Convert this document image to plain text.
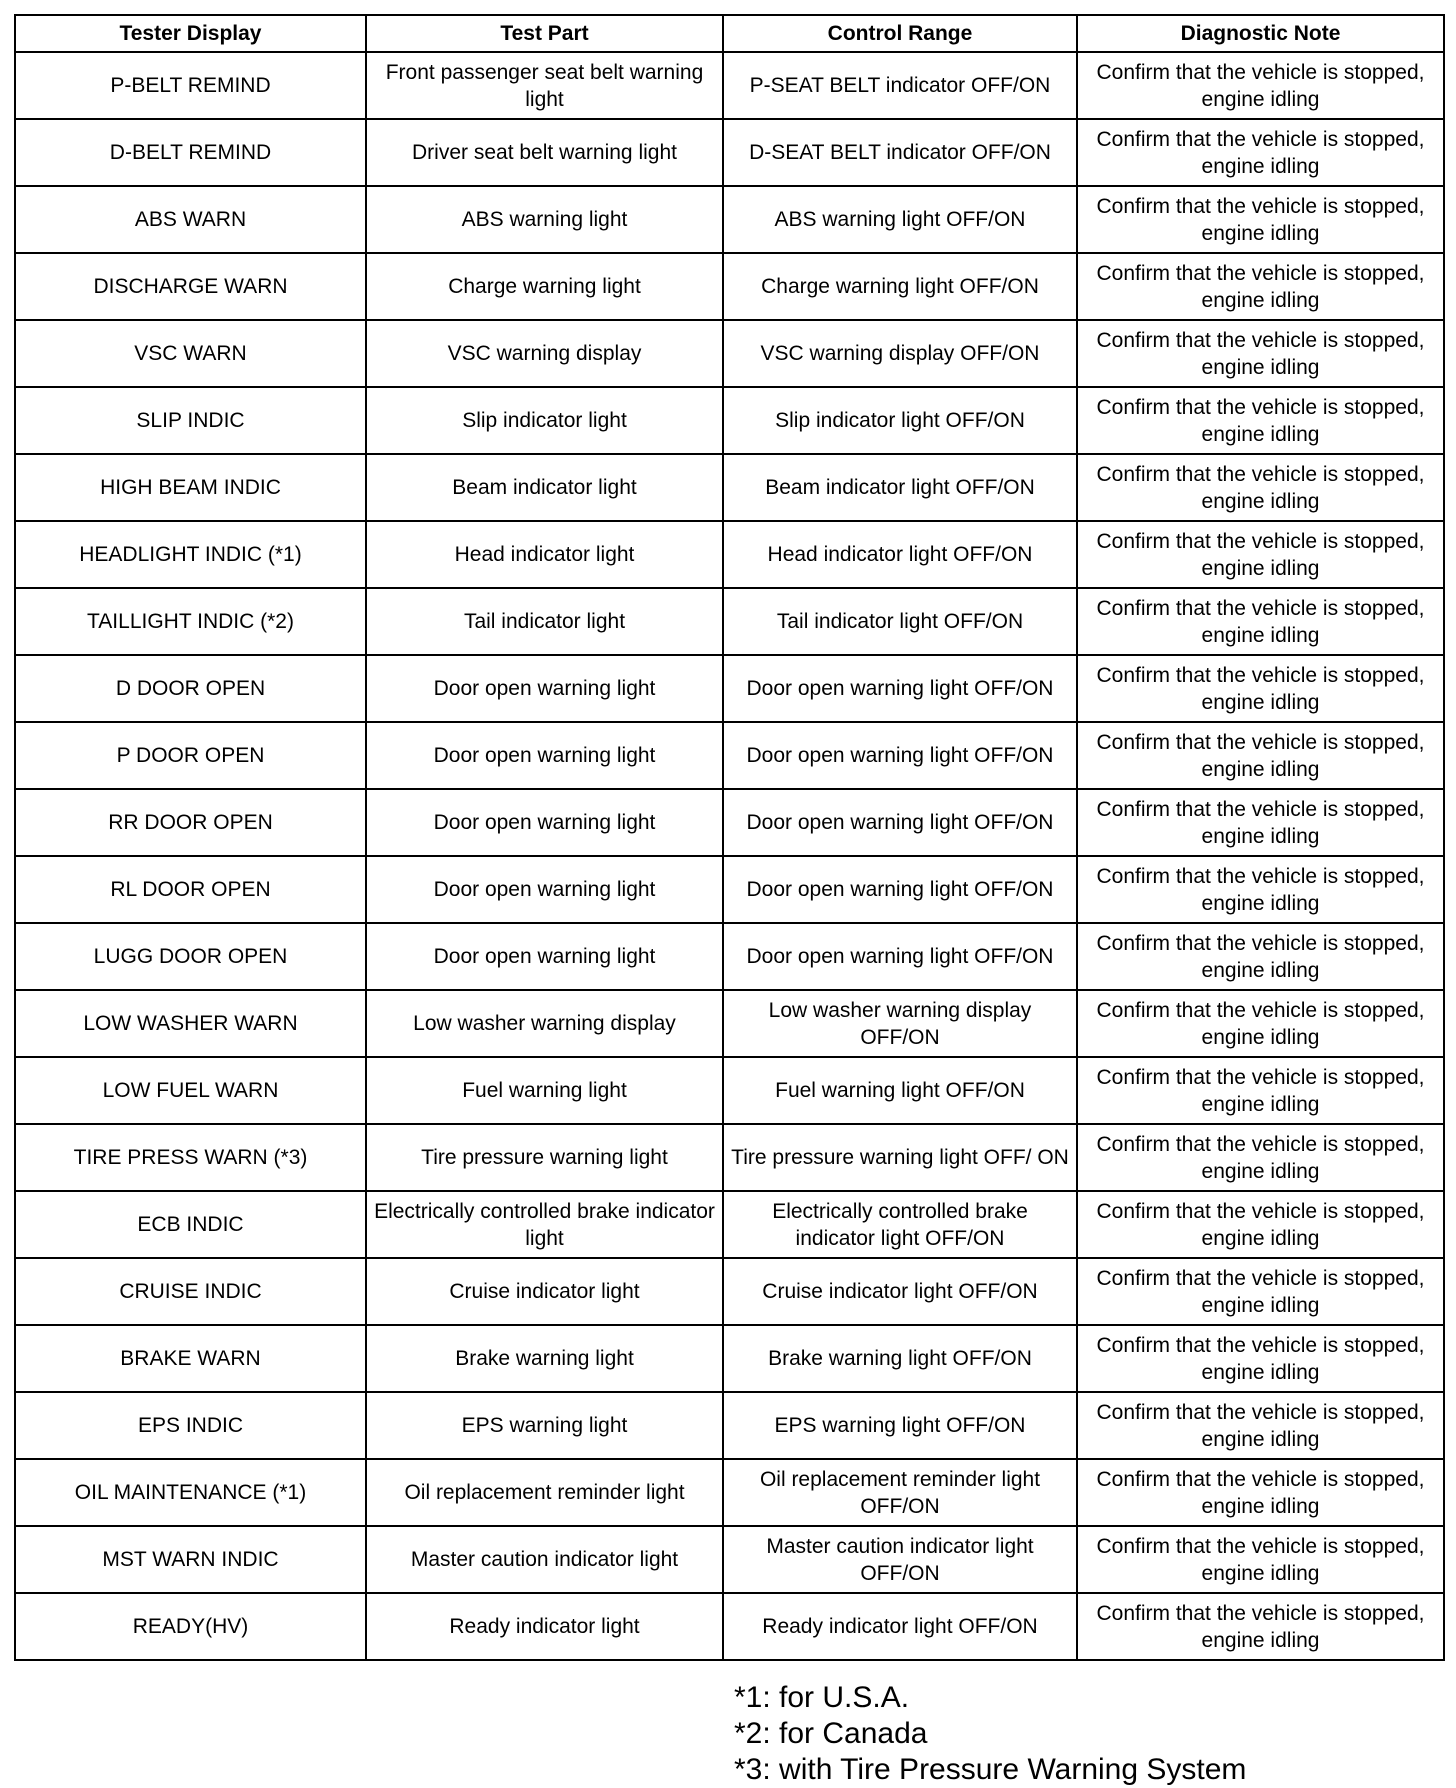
Tester Display	Test Part	Control Range	Diagnostic Note
P-BELT REMIND	Front passenger seat belt warning light	P-SEAT BELT indicator OFF/ON	Confirm that the vehicle is stopped, engine idling
D-BELT REMIND	Driver seat belt warning light	D-SEAT BELT indicator OFF/ON	Confirm that the vehicle is stopped, engine idling
ABS WARN	ABS warning light	ABS warning light OFF/ON	Confirm that the vehicle is stopped, engine idling
DISCHARGE WARN	Charge warning light	Charge warning light OFF/ON	Confirm that the vehicle is stopped, engine idling
VSC WARN	VSC warning display	VSC warning display OFF/ON	Confirm that the vehicle is stopped, engine idling
SLIP INDIC	Slip indicator light	Slip indicator light OFF/ON	Confirm that the vehicle is stopped, engine idling
HIGH BEAM INDIC	Beam indicator light	Beam indicator light OFF/ON	Confirm that the vehicle is stopped, engine idling
HEADLIGHT INDIC (*1)	Head indicator light	Head indicator light OFF/ON	Confirm that the vehicle is stopped, engine idling
TAILLIGHT INDIC (*2)	Tail indicator light	Tail indicator light OFF/ON	Confirm that the vehicle is stopped, engine idling
D DOOR OPEN	Door open warning light	Door open warning light OFF/ON	Confirm that the vehicle is stopped, engine idling
P DOOR OPEN	Door open warning light	Door open warning light OFF/ON	Confirm that the vehicle is stopped, engine idling
RR DOOR OPEN	Door open warning light	Door open warning light OFF/ON	Confirm that the vehicle is stopped, engine idling
RL DOOR OPEN	Door open warning light	Door open warning light OFF/ON	Confirm that the vehicle is stopped, engine idling
LUGG DOOR OPEN	Door open warning light	Door open warning light OFF/ON	Confirm that the vehicle is stopped, engine idling
LOW WASHER WARN	Low washer warning display	Low washer warning display OFF/ON	Confirm that the vehicle is stopped, engine idling
LOW FUEL WARN	Fuel warning light	Fuel warning light OFF/ON	Confirm that the vehicle is stopped, engine idling
TIRE PRESS WARN (*3)	Tire pressure warning light	Tire pressure warning light OFF/ ON	Confirm that the vehicle is stopped, engine idling
ECB INDIC	Electrically controlled brake indicator light	Electrically controlled brake indicator light OFF/ON	Confirm that the vehicle is stopped, engine idling
CRUISE INDIC	Cruise indicator light	Cruise indicator light OFF/ON	Confirm that the vehicle is stopped, engine idling
BRAKE WARN	Brake warning light	Brake warning light OFF/ON	Confirm that the vehicle is stopped, engine idling
EPS INDIC	EPS warning light	EPS warning light OFF/ON	Confirm that the vehicle is stopped, engine idling
OIL MAINTENANCE (*1)	Oil replacement reminder light	Oil replacement reminder light OFF/ON	Confirm that the vehicle is stopped, engine idling
MST WARN INDIC	Master caution indicator light	Master caution indicator light OFF/ON	Confirm that the vehicle is stopped, engine idling
READY(HV)	Ready indicator light	Ready indicator light OFF/ON	Confirm that the vehicle is stopped, engine idling
*1: for U.S.A.
*2: for Canada
*3: with Tire Pressure Warning System
